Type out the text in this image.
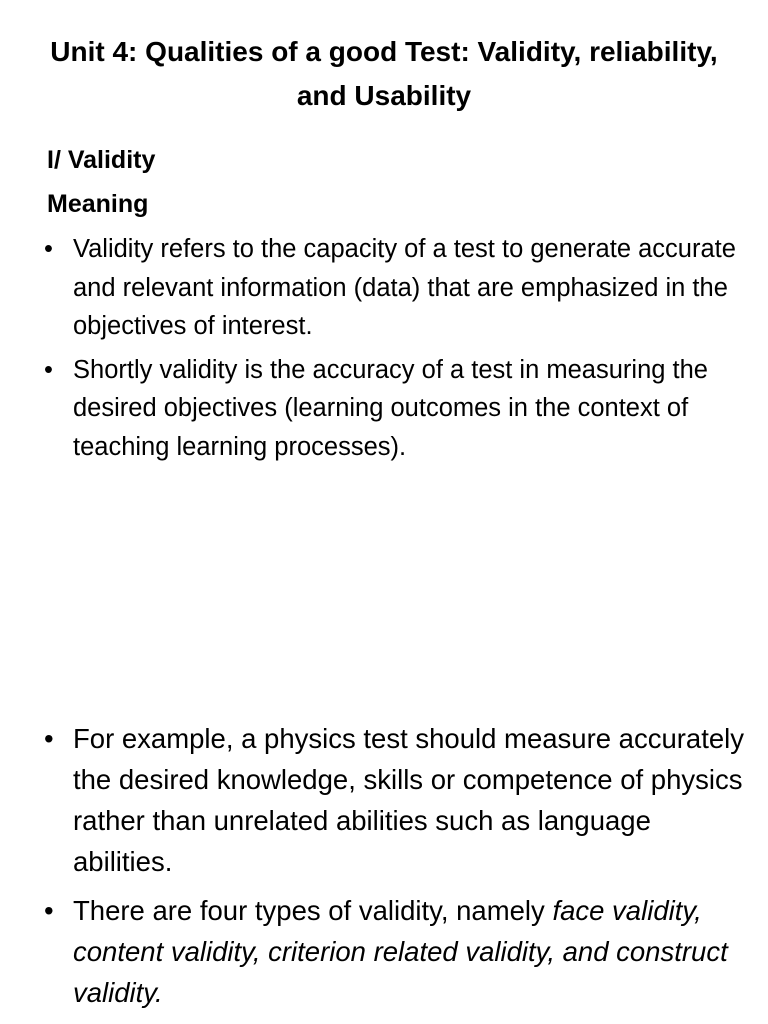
Unit 4: Qualities of a good Test: Validity, reliability, and Usability
I/ Validity
Meaning
• Validity refers to the capacity of a test to generate accurate and relevant information (data) that are emphasized in the objectives of interest.
• Shortly validity is the accuracy of a test in measuring the desired objectives (learning outcomes in the context of teaching learning processes).
• For example, a physics test should measure accurately the desired knowledge, skills or competence of physics rather than unrelated abilities such as language abilities.
• There are four types of validity, namely face validity, content validity, criterion related validity, and construct validity.
